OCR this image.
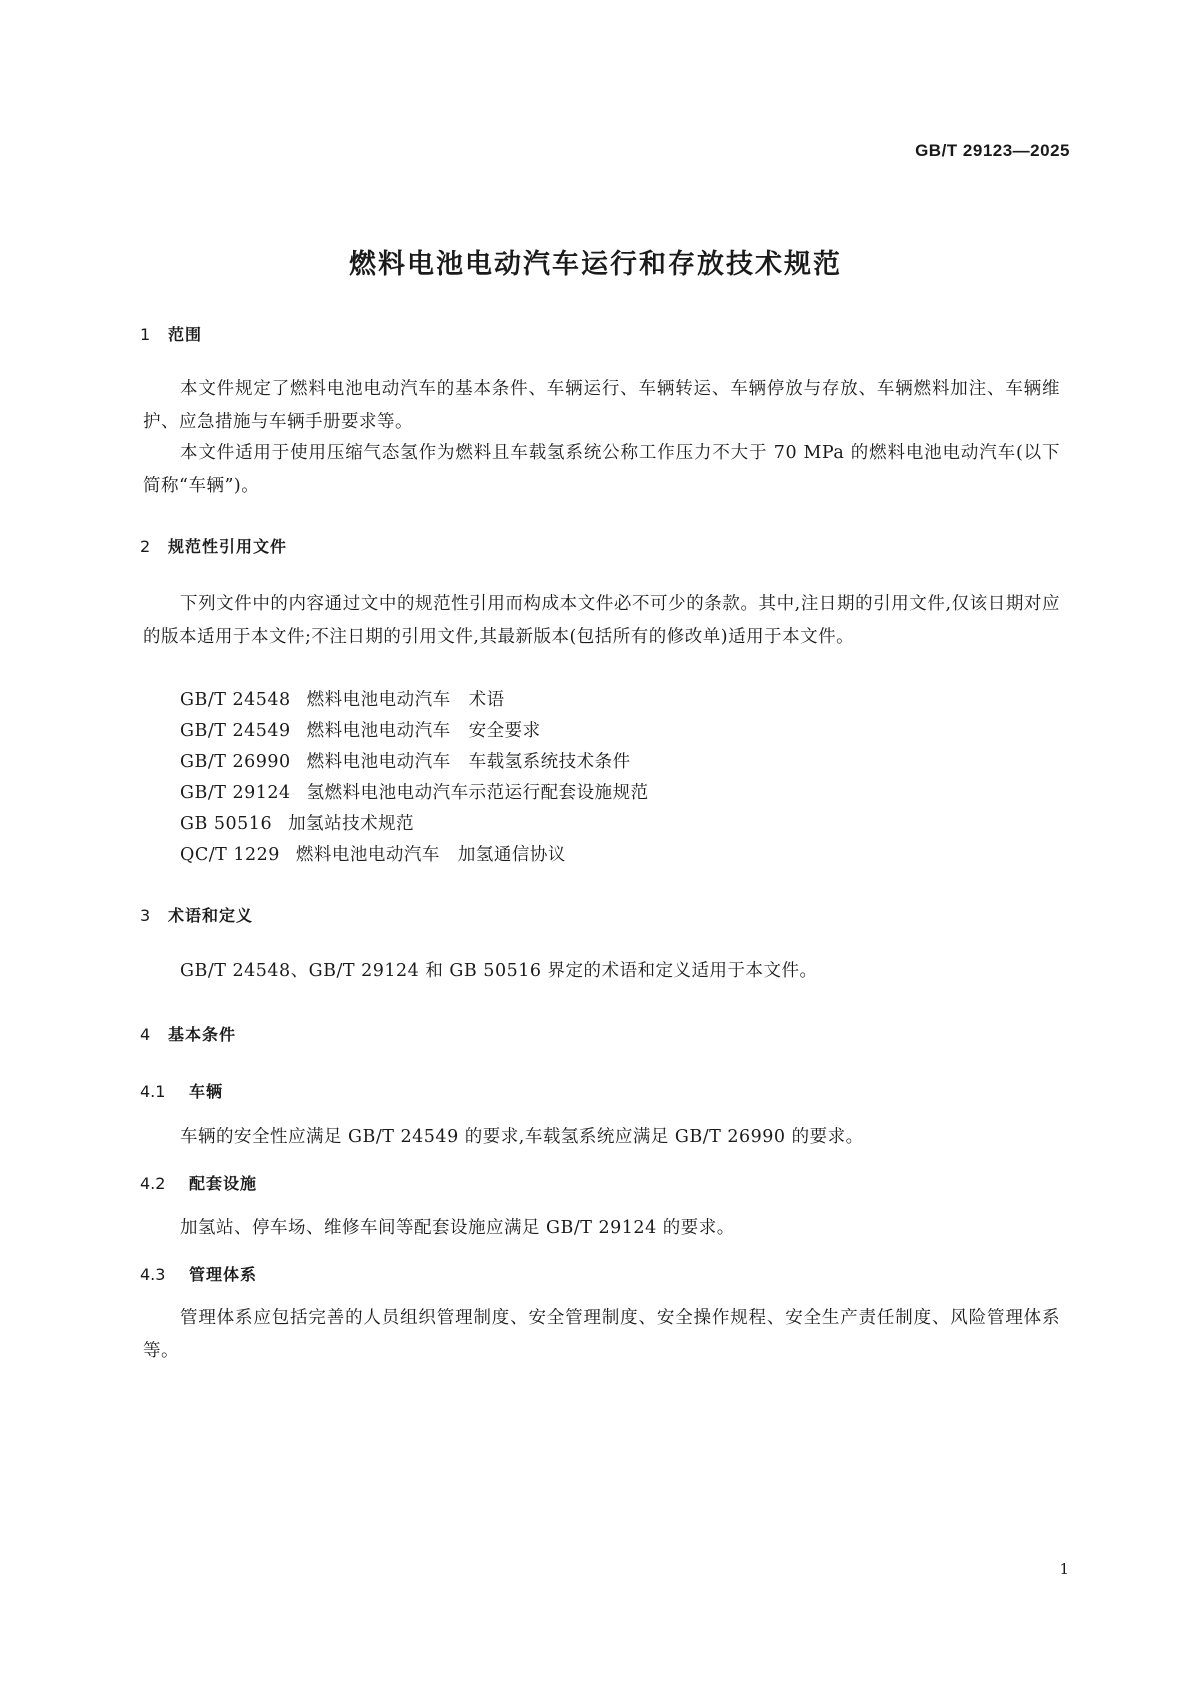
GB/T 29123—2025
燃料电池电动汽车运行和存放技术规范
1 范围
本文件规定了燃料电池电动汽车的基本条件、车辆运行、车辆转运、车辆停放与存放、车辆燃料加注、车辆维护、应急措施与车辆手册要求等。
本文件适用于使用压缩气态氢作为燃料且车载氢系统公称工作压力不大于 70 MPa 的燃料电池电动汽车(以下简称“车辆”)。
2 规范性引用文件
下列文件中的内容通过文中的规范性引用而构成本文件必不可少的条款。其中,注日期的引用文件,仅该日期对应的版本适用于本文件;不注日期的引用文件,其最新版本(包括所有的修改单)适用于本文件。
GB/T 24548 燃料电池电动汽车　术语
GB/T 24549 燃料电池电动汽车　安全要求
GB/T 26990 燃料电池电动汽车　车载氢系统技术条件
GB/T 29124 氢燃料电池电动汽车示范运行配套设施规范
GB 50516 加氢站技术规范
QC/T 1229 燃料电池电动汽车　加氢通信协议
3 术语和定义
GB/T 24548、GB/T 29124 和 GB 50516 界定的术语和定义适用于本文件。
4 基本条件
4.1 车辆
车辆的安全性应满足 GB/T 24549 的要求,车载氢系统应满足 GB/T 26990 的要求。
4.2 配套设施
加氢站、停车场、维修车间等配套设施应满足 GB/T 29124 的要求。
4.3 管理体系
管理体系应包括完善的人员组织管理制度、安全管理制度、安全操作规程、安全生产责任制度、风险管理体系等。
1
